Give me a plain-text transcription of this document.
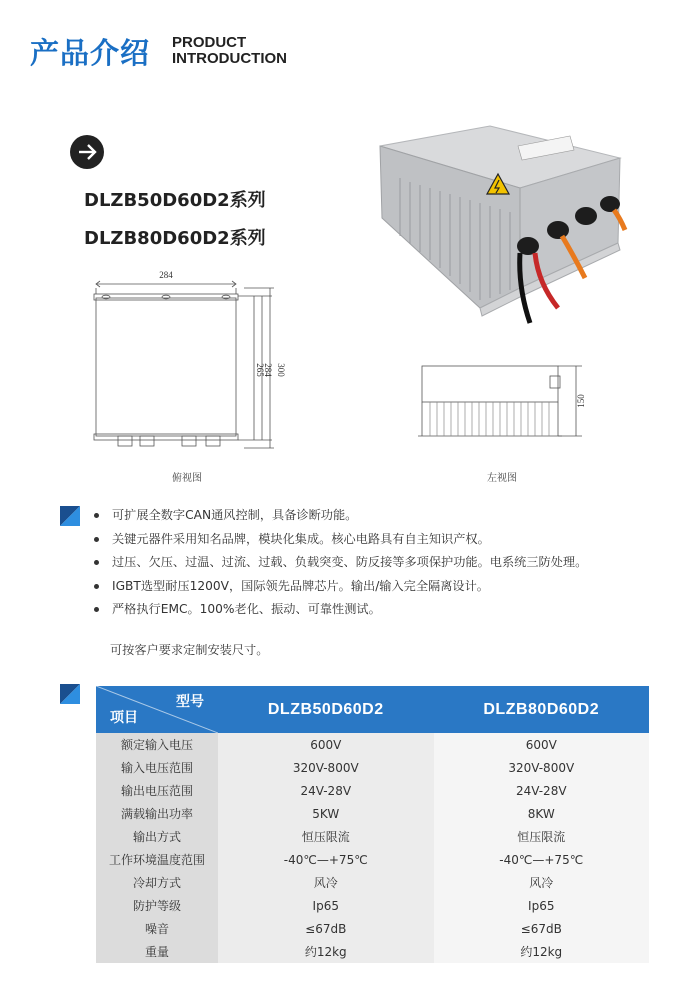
产品介绍 PRODUCT
INTRODUCTION
DLZB50D60D2系列
DLZB80D60D2系列
284
300
284
265
150
俯视图	左视图
可扩展全数字CAN通风控制，具备诊断功能。
关键元器件采用知名品牌，模块化集成。核心电路具有自主知识产权。
过压、欠压、过温、过流、过载、负载突变、防反接等多项保护功能。电系统三防处理。
IGBT选型耐压1200V，国际领先品牌芯片。输出/输入完全隔离设计。
严格执行EMC。100%老化、振动、可靠性测试。
可按客户要求定制安装尺寸。
型号
项目	DLZB50D60D2	DLZB80D60D2
额定输入电压	600V	600V
输入电压范围	320V-800V	320V-800V
输出电压范围	24V-28V	24V-28V
满载输出功率	5KW	8KW
输出方式	恒压限流	恒压限流
工作环境温度范围	-40℃—+75℃	-40℃—+75℃
冷却方式	风冷	风冷
防护等级	Ip65	Ip65
噪音	≤67dB	≤67dB
重量	约12kg	约12kg
